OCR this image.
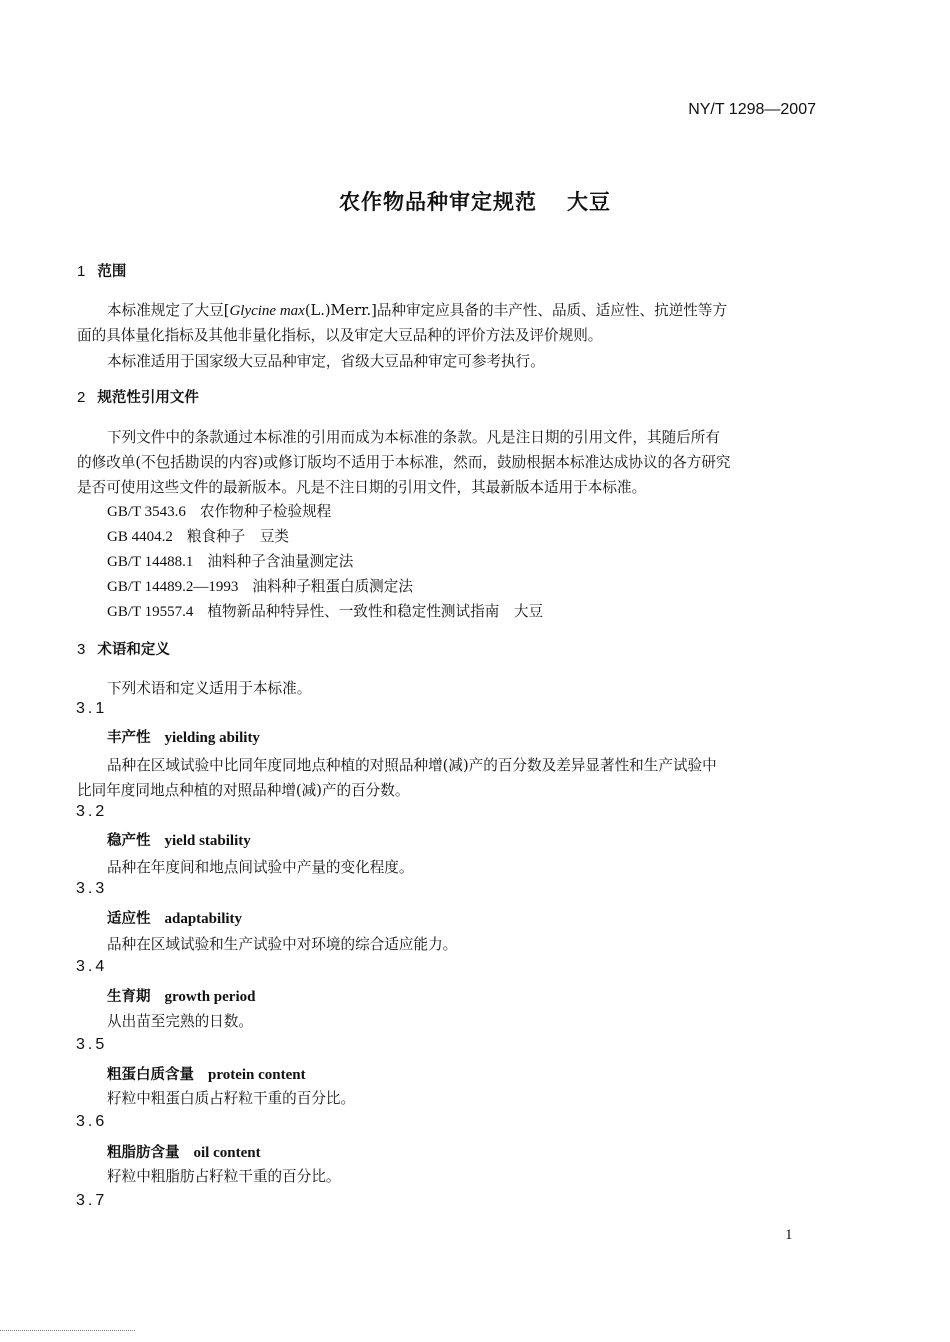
NY/T 1298—2007
农作物品种审定规范 大豆
1 范围
本标准规定了大豆[Glycine max(L.)Merr.]品种审定应具备的丰产性、品质、适应性、抗逆性等方
面的具体量化指标及其他非量化指标，以及审定大豆品种的评价方法及评价规则。
本标准适用于国家级大豆品种审定，省级大豆品种审定可参考执行。
2 规范性引用文件
下列文件中的条款通过本标准的引用而成为本标准的条款。凡是注日期的引用文件，其随后所有
的修改单(不包括勘误的内容)或修订版均不适用于本标准，然而，鼓励根据本标准达成协议的各方研究
是否可使用这些文件的最新版本。凡是不注日期的引用文件，其最新版本适用于本标准。
GB/T 3543.6 农作物种子检验规程
GB 4404.2 粮食种子　豆类
GB/T 14488.1 油料种子含油量测定法
GB/T 14489.2—1993 油料种子粗蛋白质测定法
GB/T 19557.4 植物新品种特异性、一致性和稳定性测试指南　大豆
3 术语和定义
下列术语和定义适用于本标准。
3.1
丰产性 yielding ability
品种在区域试验中比同年度同地点种植的对照品种增(减)产的百分数及差异显著性和生产试验中
比同年度同地点种植的对照品种增(减)产的百分数。
3.2
稳产性 yield stability
品种在年度间和地点间试验中产量的变化程度。
3.3
适应性 adaptability
品种在区域试验和生产试验中对环境的综合适应能力。
3.4
生育期 growth period
从出苗至完熟的日数。
3.5
粗蛋白质含量 protein content
籽粒中粗蛋白质占籽粒干重的百分比。
3.6
粗脂肪含量 oil content
籽粒中粗脂肪占籽粒干重的百分比。
3.7
1
